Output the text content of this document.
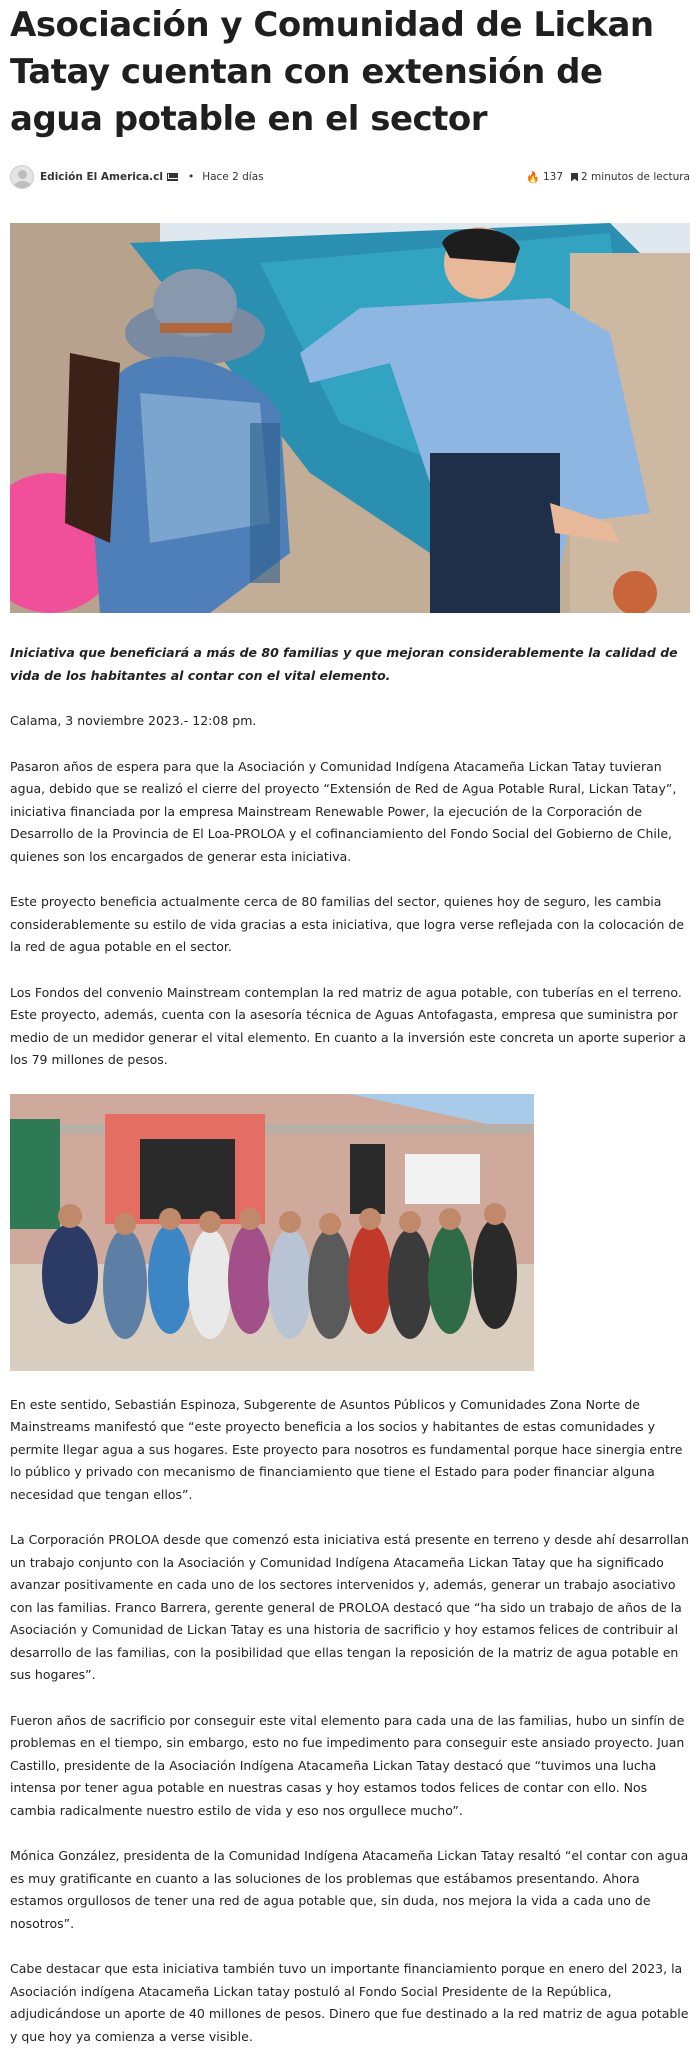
Asociación y Comunidad de Lickan Tatay cuentan con extensión de agua potable en el sector
Edición El America.cl • Hace 2 días	🔥 137 2 minutos de lectura
Iniciativa que beneficiará a más de 80 familias y que mejoran considerablemente la calidad de vida de los habitantes al contar con el vital elemento.

Calama, 3 noviembre 2023.- 12:08 pm.

Pasaron años de espera para que la Asociación y Comunidad Indígena Atacameña Lickan Tatay tuvieran agua, debido que se realizó el cierre del proyecto “Extensión de Red de Agua Potable Rural, Lickan Tatay”, iniciativa financiada por la empresa Mainstream Renewable Power, la ejecución de la Corporación de Desarrollo de la Provincia de El Loa-PROLOA y el cofinanciamiento del Fondo Social del Gobierno de Chile, quienes son los encargados de generar esta iniciativa.

Este proyecto beneficia actualmente cerca de 80 familias del sector, quienes hoy de seguro, les cambia considerablemente su estilo de vida gracias a esta iniciativa, que logra verse reflejada con la colocación de la red de agua potable en el sector.

Los Fondos del convenio Mainstream contemplan la red matriz de agua potable, con tuberías en el terreno. Este proyecto, además, cuenta con la asesoría técnica de Aguas Antofagasta, empresa que suministra por medio de un medidor generar el vital elemento. En cuanto a la inversión este concreta un aporte superior a los 79 millones de pesos.

En este sentido, Sebastián Espinoza, Subgerente de Asuntos Públicos y Comunidades Zona Norte de Mainstreams manifestó que “este proyecto beneficia a los socios y habitantes de estas comunidades y permite llegar agua a sus hogares. Este proyecto para nosotros es fundamental porque hace sinergia entre lo público y privado con mecanismo de financiamiento que tiene el Estado para poder financiar alguna necesidad que tengan ellos”.

La Corporación PROLOA desde que comenzó esta iniciativa está presente en terreno y desde ahí desarrollan un trabajo conjunto con la Asociación y Comunidad Indígena Atacameña Lickan Tatay que ha significado avanzar positivamente en cada uno de los sectores intervenidos y, además, generar un trabajo asociativo con las familias. Franco Barrera, gerente general de PROLOA destacó que “ha sido un trabajo de años de la Asociación y Comunidad de Lickan Tatay es una historia de sacrificio y hoy estamos felices de contribuir al desarrollo de las familias, con la posibilidad que ellas tengan la reposición de la matriz de agua potable en sus hogares”.

Fueron años de sacrificio por conseguir este vital elemento para cada una de las familias, hubo un sinfín de problemas en el tiempo, sin embargo, esto no fue impedimento para conseguir este ansiado proyecto. Juan Castillo, presidente de la Asociación Indígena Atacameña Lickan Tatay destacó que “tuvimos una lucha intensa por tener agua potable en nuestras casas y hoy estamos todos felices de contar con ello. Nos cambia radicalmente nuestro estilo de vida y eso nos orgullece mucho”.

Mónica González, presidenta de la Comunidad Indígena Atacameña Lickan Tatay resaltó “el contar con agua es muy gratificante en cuanto a las soluciones de los problemas que estábamos presentando. Ahora estamos orgullosos de tener una red de agua potable que, sin duda, nos mejora la vida a cada uno de nosotros”.

Cabe destacar que esta iniciativa también tuvo un importante financiamiento porque en enero del 2023, la Asociación indígena Atacameña Lickan tatay postuló al Fondo Social Presidente de la República, adjudicándose un aporte de 40 millones de pesos. Dinero que fue destinado a la red matriz de agua potable y que hoy ya comienza a verse visible.
